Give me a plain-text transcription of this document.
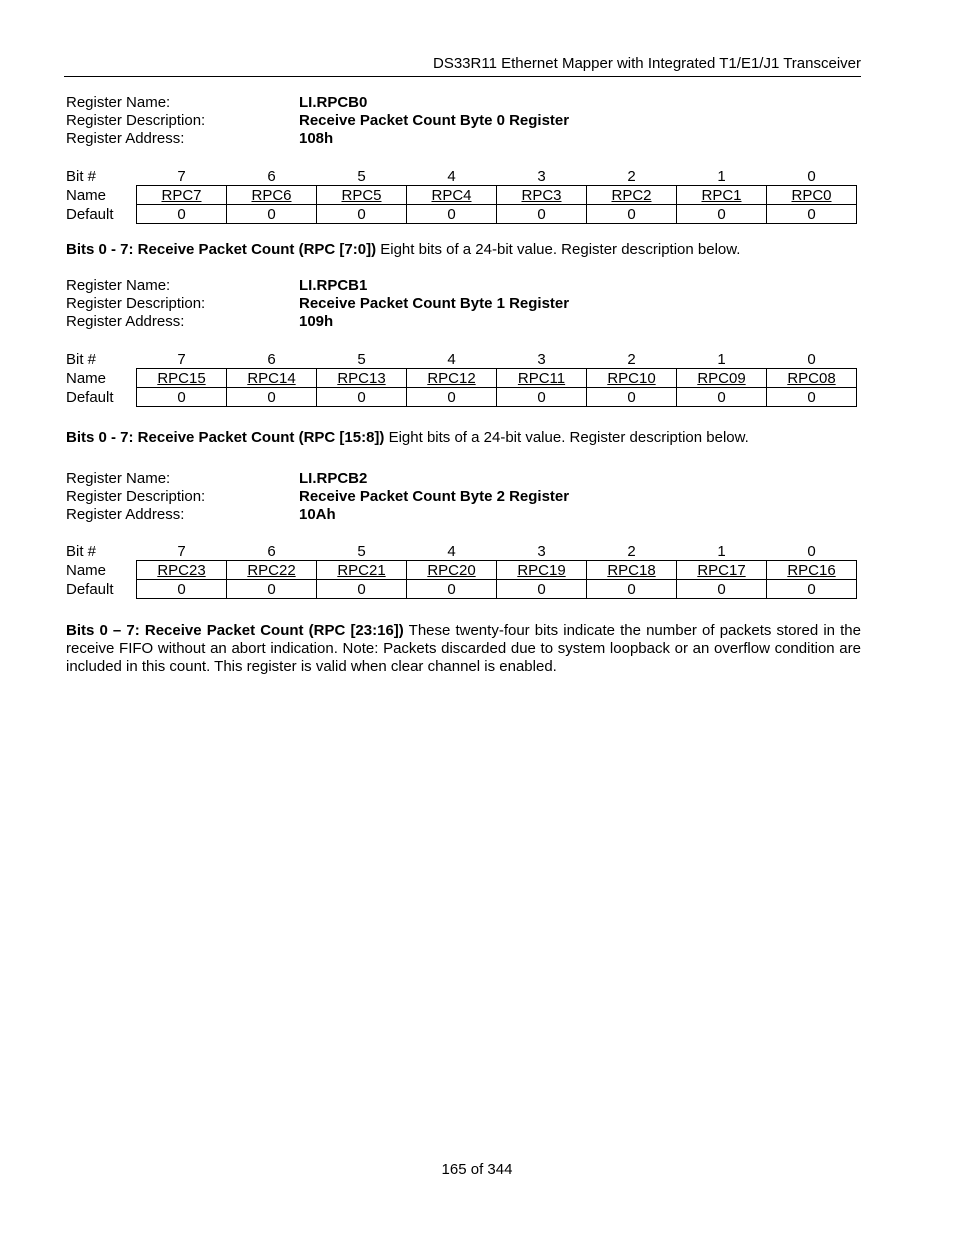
DS33R11 Ethernet Mapper with Integrated T1/E1/J1 Transceiver
Register Name:	LI.RPCB0
Register Description:	Receive Packet Count Byte 0 Register
Register Address:	108h
Bit #	7	6	5	4	3	2	1	0
Name	RPC7	RPC6	RPC5	RPC4	RPC3	RPC2	RPC1	RPC0
Default	0	0	0	0	0	0	0	0
Bits 0 - 7: Receive Packet Count (RPC [7:0]) Eight bits of a 24-bit value. Register description below.
Register Name:	LI.RPCB1
Register Description:	Receive Packet Count Byte 1 Register
Register Address:	109h
Bit #	7	6	5	4	3	2	1	0
Name	RPC15	RPC14	RPC13	RPC12	RPC11	RPC10	RPC09	RPC08
Default	0	0	0	0	0	0	0	0
Bits 0 - 7: Receive Packet Count (RPC [15:8]) Eight bits of a 24-bit value. Register description below.
Register Name:	LI.RPCB2
Register Description:	Receive Packet Count Byte 2 Register
Register Address:	10Ah
Bit #	7	6	5	4	3	2	1	0
Name	RPC23	RPC22	RPC21	RPC20	RPC19	RPC18	RPC17	RPC16
Default	0	0	0	0	0	0	0	0
Bits 0 – 7: Receive Packet Count (RPC [23:16]) These twenty-four bits indicate the number of packets stored in the receive FIFO without an abort indication. Note: Packets discarded due to system loopback or an overflow condition are included in this count. This register is valid when clear channel is enabled.
165 of 344
